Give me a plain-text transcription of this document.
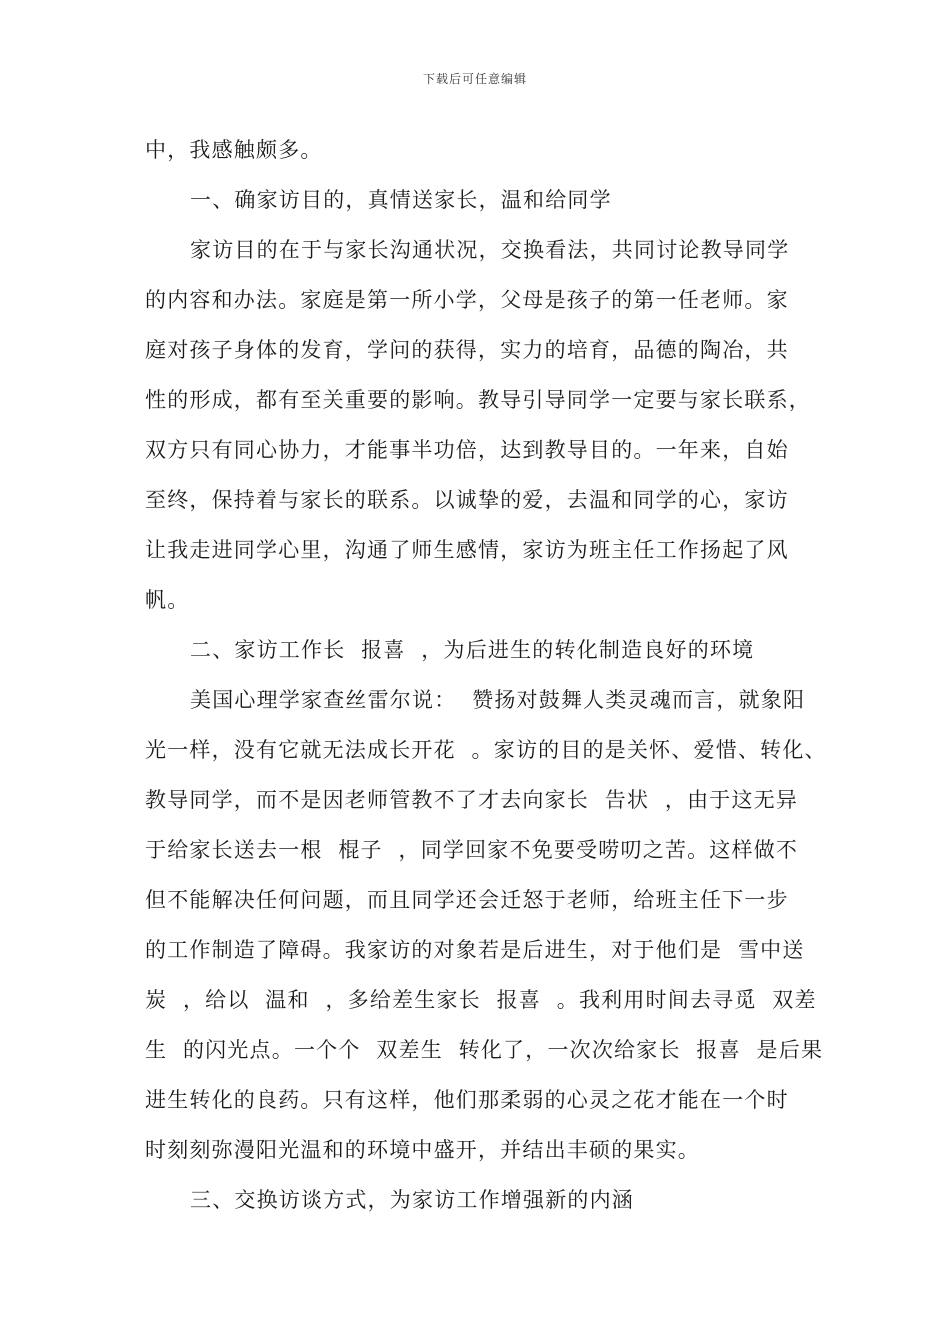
下载后可任意编辑
中，我感触颇多。
一、确家访目的，真情送家长，温和给同学
家访目的在于与家长沟通状况，交换看法，共同讨论教导同学
的内容和办法。家庭是第一所小学，父母是孩子的第一任老师。家
庭对孩子身体的发育，学问的获得，实力的培育，品德的陶冶，共
性的形成，都有至关重要的影响。教导引导同学一定要与家长联系，
双方只有同心协力，才能事半功倍，达到教导目的。一年来，自始
至终，保持着与家长的联系。以诚挚的爱，去温和同学的心，家访
让我走进同学心里，沟通了师生感情，家访为班主任工作扬起了风
帆。
二、家访工作长  报喜  ，为后进生的转化制造良好的环境
美国心理学家查丝雷尔说：  赞扬对鼓舞人类灵魂而言，就象阳
光一样，没有它就无法成长开花  。家访的目的是关怀、爱惜、转化、
教导同学，而不是因老师管教不了才去向家长  告状  ，由于这无异
于给家长送去一根  棍子  ，同学回家不免要受唠叨之苦。这样做不
但不能解决任何问题，而且同学还会迁怒于老师，给班主任下一步
的工作制造了障碍。我家访的对象若是后进生，对于他们是  雪中送
炭  ，给以  温和  ，多给差生家长  报喜  。我利用时间去寻觅  双差
生  的闪光点。一个个  双差生  转化了，一次次给家长  报喜  是后果
进生转化的良药。只有这样，他们那柔弱的心灵之花才能在一个时
时刻刻弥漫阳光温和的环境中盛开，并结出丰硕的果实。
三、交换访谈方式，为家访工作增强新的内涵
